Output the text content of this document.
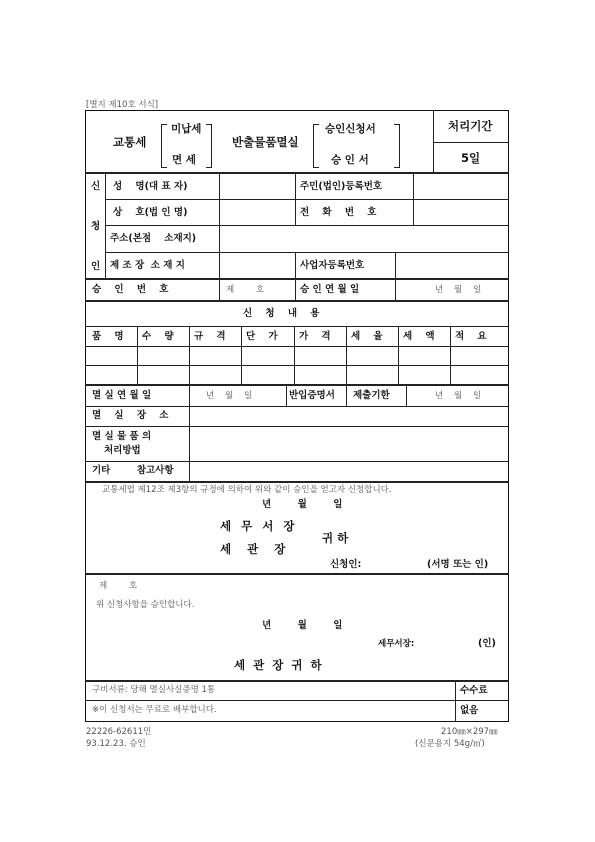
[별지 제10호 서식]
교통세
미납세
면 세
반출물품멸실
승인신청서
승 인 서
처리기간
5일
신
청
인
성    명(대 표 자)	주민(법인)등록번호
상    호(법 인 명)	전    화    번    호
주소(본점    소재지)
제 조 장  소 재 지	사업자등록번호
승    인    번    호	제        호	승 인 연 월 일	년    월    일
신    청    내    용
품    명 수    량 규    격 단    가 가    격 세    율 세    액 적    요
멸 실 연 월 일	년    월    일	반입증명서 제출기한	년    월    일
멸    실    장    소
멸 실 물 품 의
처리방법
기타        참고사항
교통세법 제12조 제3항의 규정에 의하여 위와 같이 승인을 얻고자 신청합니다.
년        월        일
세 무 서 장
세    관    장
귀 하
신청인:	(서명 또는 인)
제        호
위 신청사항을 승인합니다.
년        월        일
세무서장:	(인)
세  관  장  귀  하
구비서류: 당해 멸실사실증명 1통
※이 신청서는 무료로 배부합니다.
수수료
없음
22226-62611민
93.12.23. 승인
210㎜×297㎜
(신문용지 54g/㎡)
